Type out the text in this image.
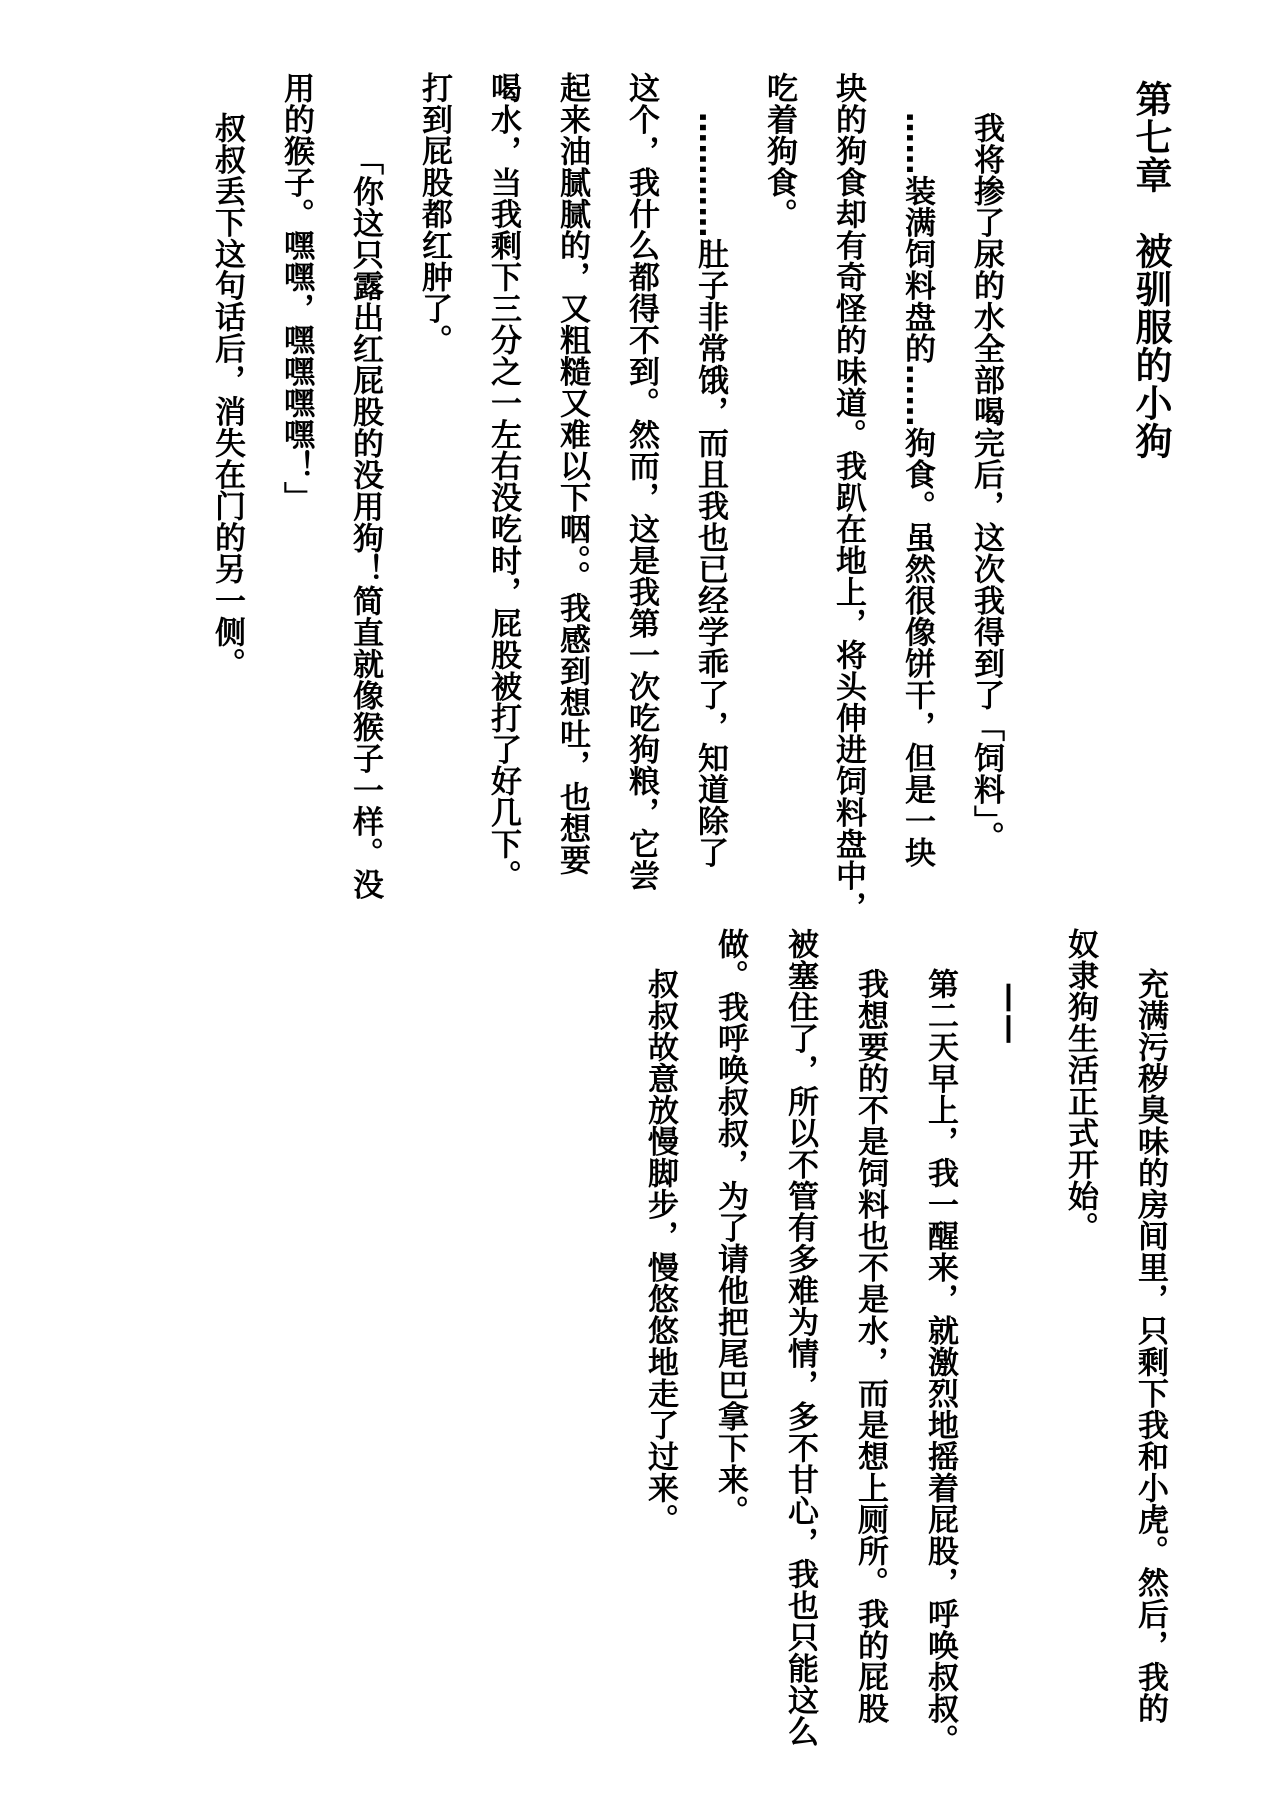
第七章　被驯服的小狗
我将掺了尿的水全部喝完后，这次我得到了「饲料」。
……装满饲料盘的……狗食。虽然很像饼干，但是一块
块的狗食却有奇怪的味道。我趴在地上，将头伸进饲料盘中，
吃着狗食。
…………肚子非常饿，而且我也已经学乖了，知道除了
这个，我什么都得不到。然而，这是我第一次吃狗粮，它尝
起来油腻腻的，又粗糙又难以下咽。。我感到想吐，也想要
喝水，当我剩下三分之一左右没吃时，屁股被打了好几下。
打到屁股都红肿了。
「你这只露出红屁股的没用狗！简直就像猴子一样。没
用的猴子。嘿嘿，嘿嘿嘿嘿！」
叔叔丢下这句话后，消失在门的另一侧。
充满污秽臭味的房间里，只剩下我和小虎。然后，我的
奴隶狗生活正式开始。
——
第二天早上，我一醒来，就激烈地摇着屁股，呼唤叔叔。
我想要的不是饲料也不是水，而是想上厕所。我的屁股
被塞住了，所以不管有多难为情，多不甘心，我也只能这么
做。我呼唤叔叔，为了请他把尾巴拿下来。
叔叔故意放慢脚步，慢悠悠地走了过来。
